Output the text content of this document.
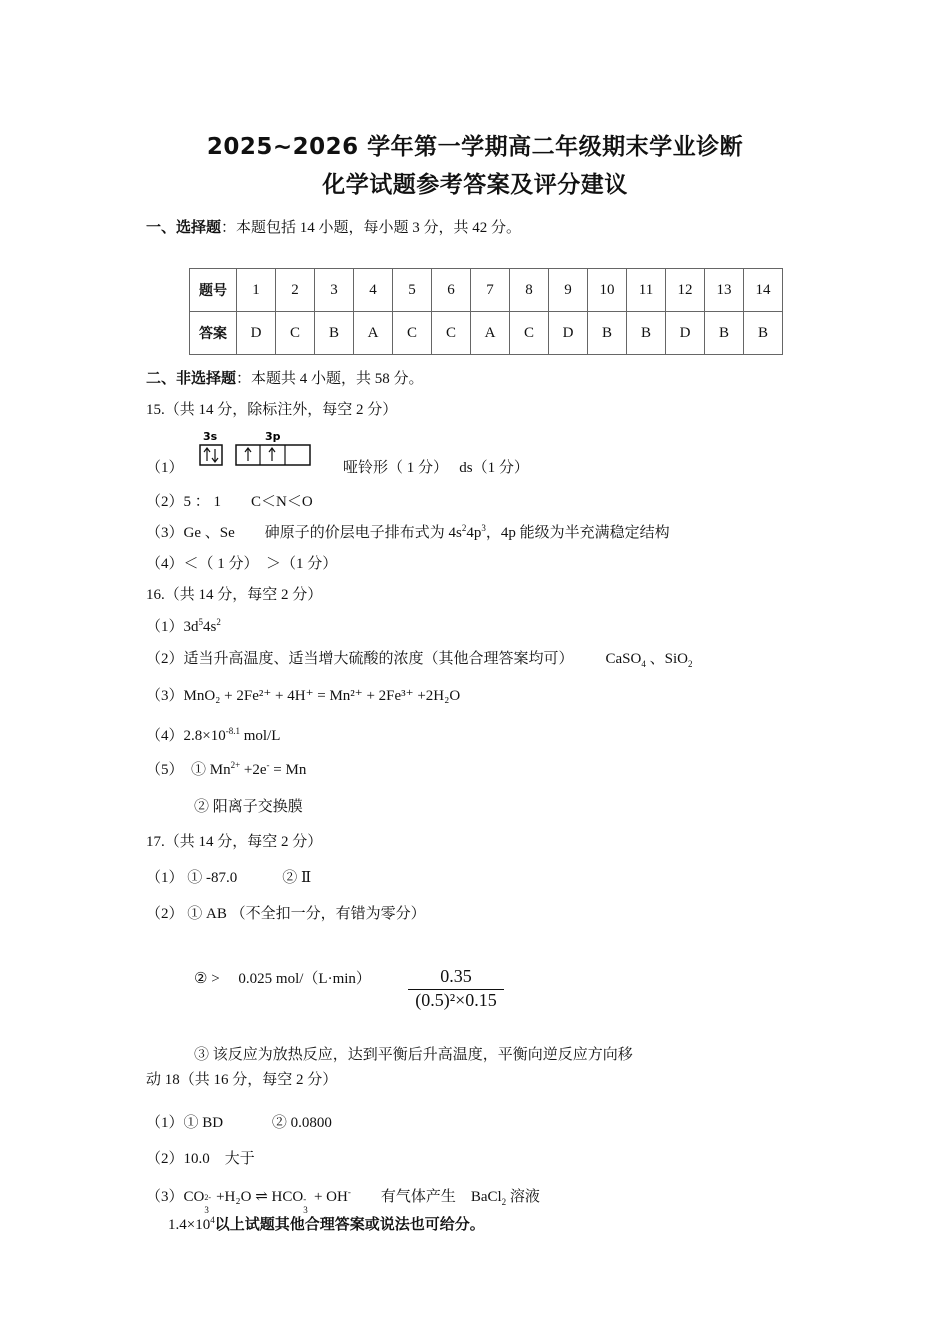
2025~2026 学年第一学期高二年级期末学业诊断
化学试题参考答案及评分建议
一、选择题：本题包括 14 小题，每小题 3 分，共 42 分。
题号	1	2	3	4	5	6	7	8	9	10	11	12	13	14
答案	D	C	B	A	C	C	A	C	D	B	B	D	B	B
二、非选择题：本题共 4 小题，共 58 分。
15.（共 14 分，除标注外，每空 2 分）
（1）
3s	3p
哑铃形（ 1 分）　 ds（1 分）
（2）5 ： 1　　C＜N＜O
（3）Ge 、Se　　砷原子的价层电子排布式为 $4s^24p^3$，4p 能级为半充满稳定结构
（4）＜（ 1 分）　＞（1 分）
16.（共 14 分，每空 2 分）
$(1)3d^54s^2$
（2）适当升高温度、适当增大硫酸的浓度（其他合理答案均可） CaSO$_4$ 、SiO$_2$
（3）MnO₂ + 2Fe²⁺ + 4H⁺ = Mn²⁺ + 2Fe³⁺ +2H₂O
$(4)2.8\times 10^{-8.1}$ mol/L
（5）　① $Mn^{2+} +2e^- = Mn$
② 阳离子交换膜
17.（共 14 分，每空 2 分）
（1） ① -87.0　　　② Ⅱ
（2） ① AB （不全扣一分，有错为零分）
② >　 0.025 $mol/(L\cdot\min) \frac{0.35}{\text{(0.5)²×0.15}}$
③ 该反应为放热反应，达到平衡后升高温度，平衡向逆反应方向移
动 18（共 16 分，每空 2 分）
（1）① BD　　　 ② 0.0800
（2）10.0　大于
（3）CO 2-
3
+H₂O ⇌ HCO -
3
+ OH-　　有气体产生　BaCl$_2$ 溶液
$1.4\times 10^4$以上试题其他合理答案或说法也可给分。
